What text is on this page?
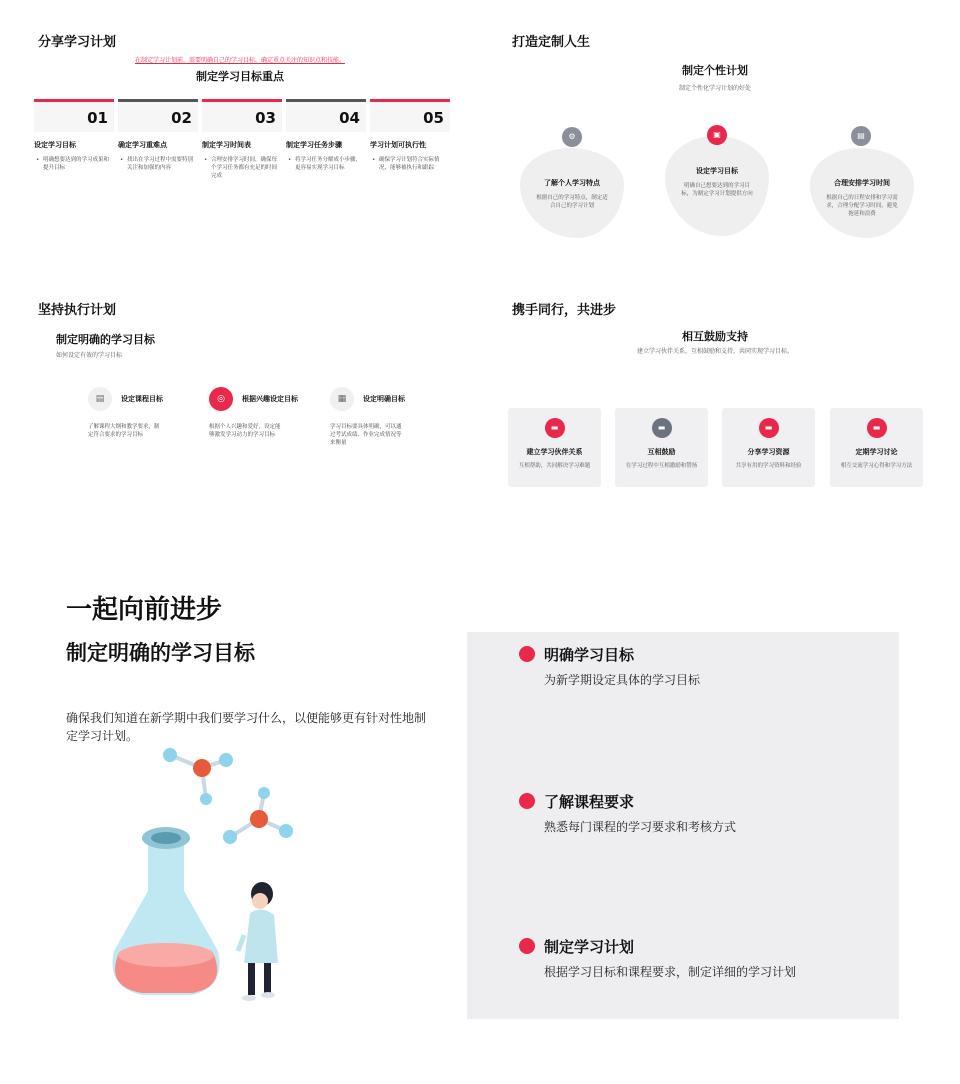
分享学习计划
在制定学习计划前，需要明确自己的学习目标，确定重点关注的知识点和技能。
制定学习目标重点
01
设定学习目标
• 明确想要达到的学习成果和提升目标
02
确定学习重难点
• 找出在学习过程中需要特别关注和加强的内容
03
制定学习时间表
• 合理安排学习时间，确保每个学习任务都有充足的时间完成
04
制定学习任务步骤
• 将学习任务分解成小步骤，更容易实现学习目标
05
学习计划可执行性
• 确保学习计划符合实际情况，能够被执行和跟踪
打造定制人生
制定个性计划
制定个性化学习计划的好处
了解个人学习特点
根据自己的学习特点，制定适合自己的学习计划
⚙
设定学习目标
明确自己想要达到的学习目标，为制定学习计划提供方向
▣
合理安排学习时间
根据自己的日程安排和学习需求，合理分配学习时间，避免拖延和浪费
▤
坚持执行计划
制定明确的学习目标
如何设定有效的学习目标
▤	设定课程目标
了解课程大纲和教学要求，制定符合要求的学习目标
◎	根据兴趣设定目标
根据个人兴趣和爱好，设定能够激发学习动力的学习目标
▦	设定明确目标
学习目标要具体明确，可以通过考试成绩、作业完成情况等来衡量
携手同行，共进步
相互鼓励支持
建立学习伙伴关系，互相鼓励和支持，共同实现学习目标。
▬
建立学习伙伴关系
互相帮助，共同解决学习难题
▬
互相鼓励
在学习过程中互相激励和赞扬
▬
分享学习资源
共享有用的学习资料和经验
▬
定期学习讨论
相互交流学习心得和学习方法
一起向前进步
制定明确的学习目标
确保我们知道在新学期中我们要学习什么，以便能够更有针对性地制定学习计划。
明确学习目标
为新学期设定具体的学习目标
了解课程要求
熟悉每门课程的学习要求和考核方式
制定学习计划
根据学习目标和课程要求，制定详细的学习计划
